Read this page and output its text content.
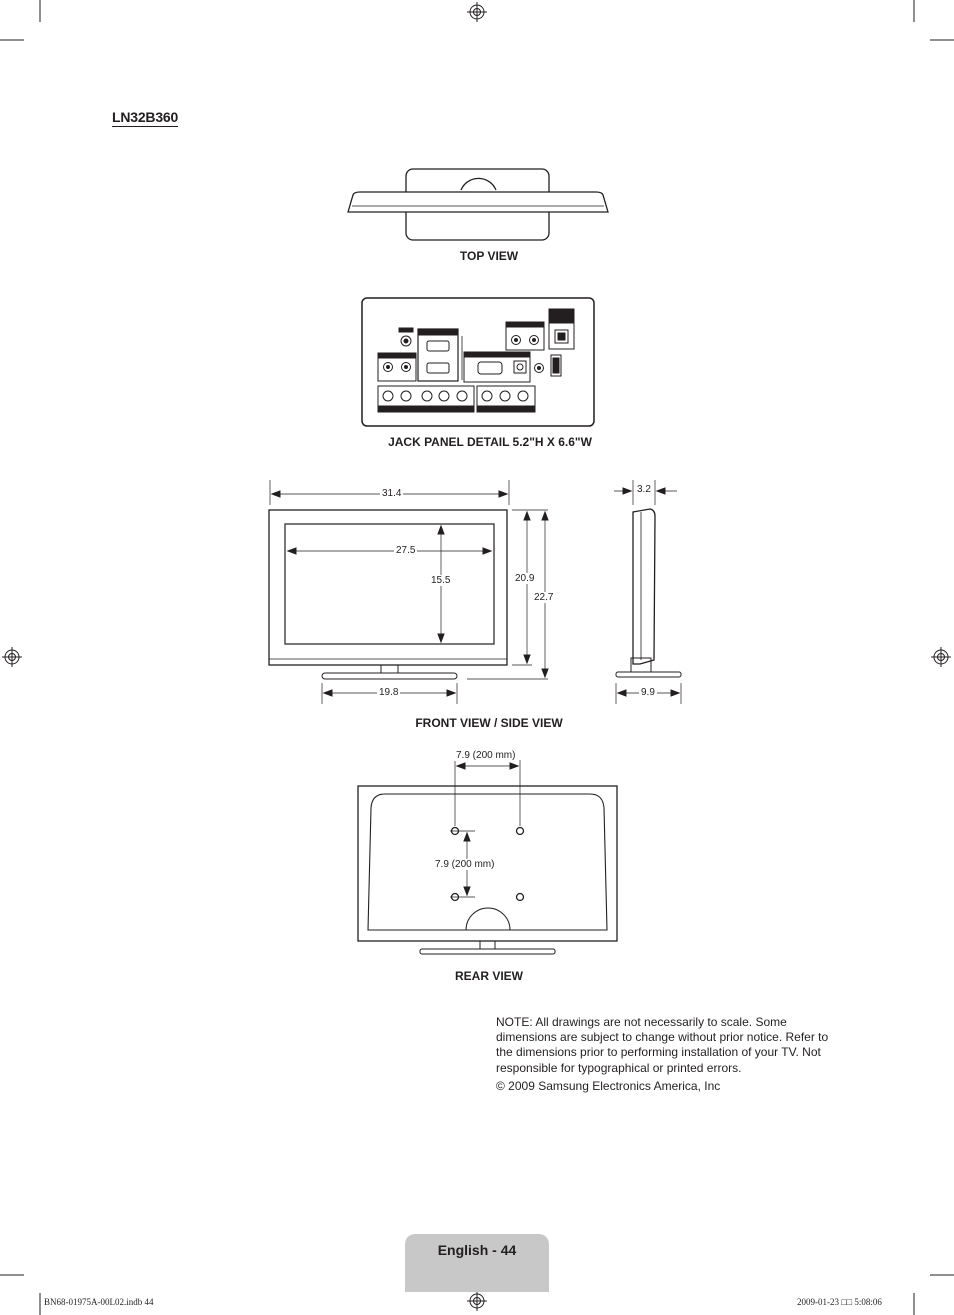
LN32B360
TOP VIEW
JACK PANEL DETAIL 5.2"H X 6.6"W
FRONT VIEW / SIDE VIEW
REAR VIEW
31.4
27.5
15.5	20.9
22.7
19.8
3.2
9.9
7.9 (200 mm)
7.9 (200 mm)

NOTE: All drawings are not necessarily to scale. Some dimensions are subject to change without prior notice. Refer to the dimensions prior to performing installation of your TV. Not responsible for typographical or printed errors.

© 2009 Samsung Electronics America, Inc

English - 44
BN68-01975A-00L02.indb 44	2009-01-23 □□ 5:08:06
